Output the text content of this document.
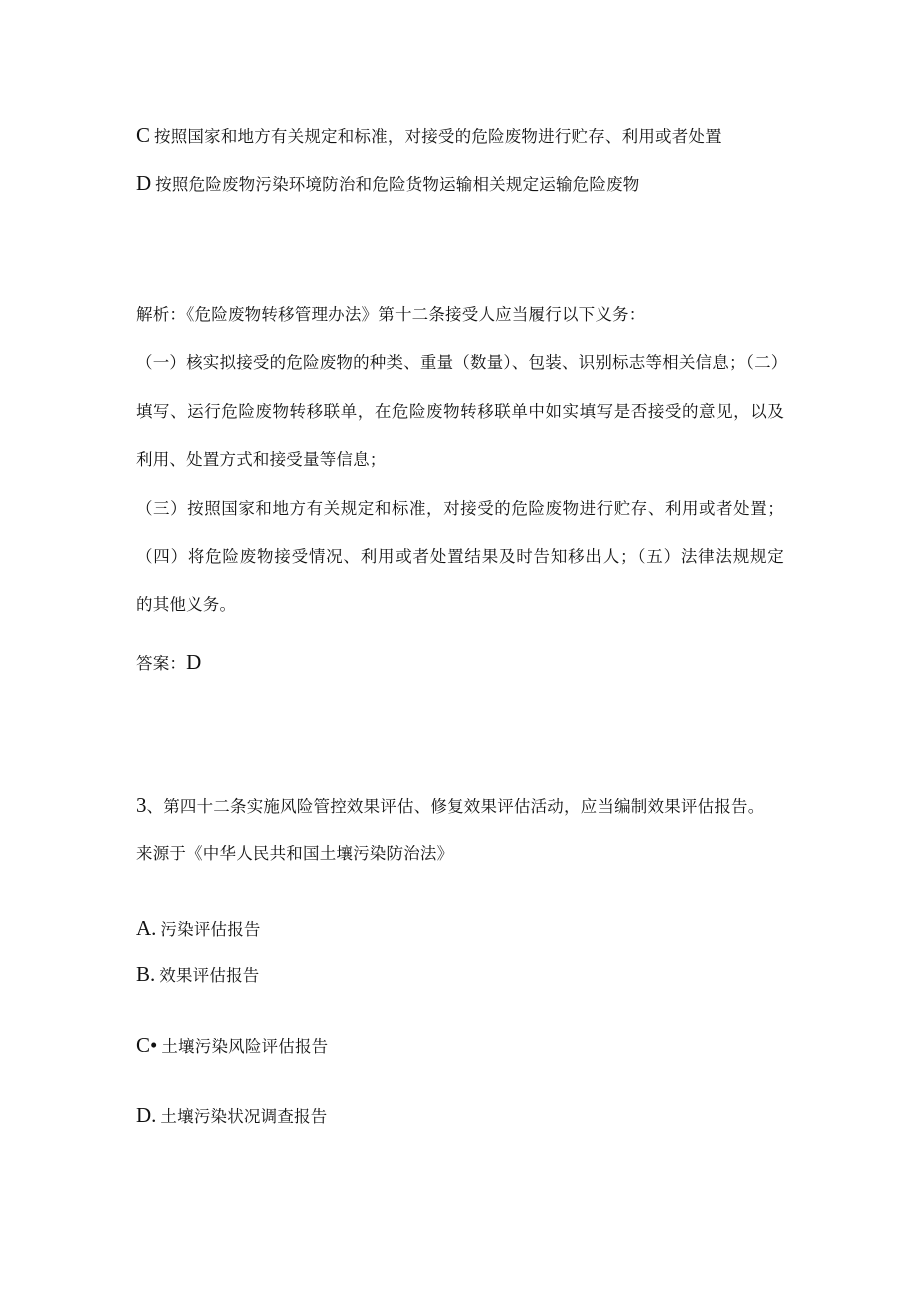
C 按照国家和地方有关规定和标准，对接受的危险废物进行贮存、利用或者处置
D 按照危险废物污染环境防治和危险货物运输相关规定运输危险废物
解析：《危险废物转移管理办法》第十二条接受人应当履行以下义务：
（一）核实拟接受的危险废物的种类、重量（数量）、包装、识别标志等相关信息；（二）
填写、运行危险废物转移联单，在危险废物转移联单中如实填写是否接受的意见，以及
利用、处置方式和接受量等信息；
（三）按照国家和地方有关规定和标准，对接受的危险废物进行贮存、利用或者处置；
（四）将危险废物接受情况、利用或者处置结果及时告知移出人；（五）法律法规规定
的其他义务。
答案：D
3、第四十二条实施风险管控效果评估、修复效果评估活动，应当编制效果评估报告。
来源于《中华人民共和国土壤污染防治法》
A. 污染评估报告
B. 效果评估报告
C• 土壤污染风险评估报告
D. 土壤污染状况调查报告
